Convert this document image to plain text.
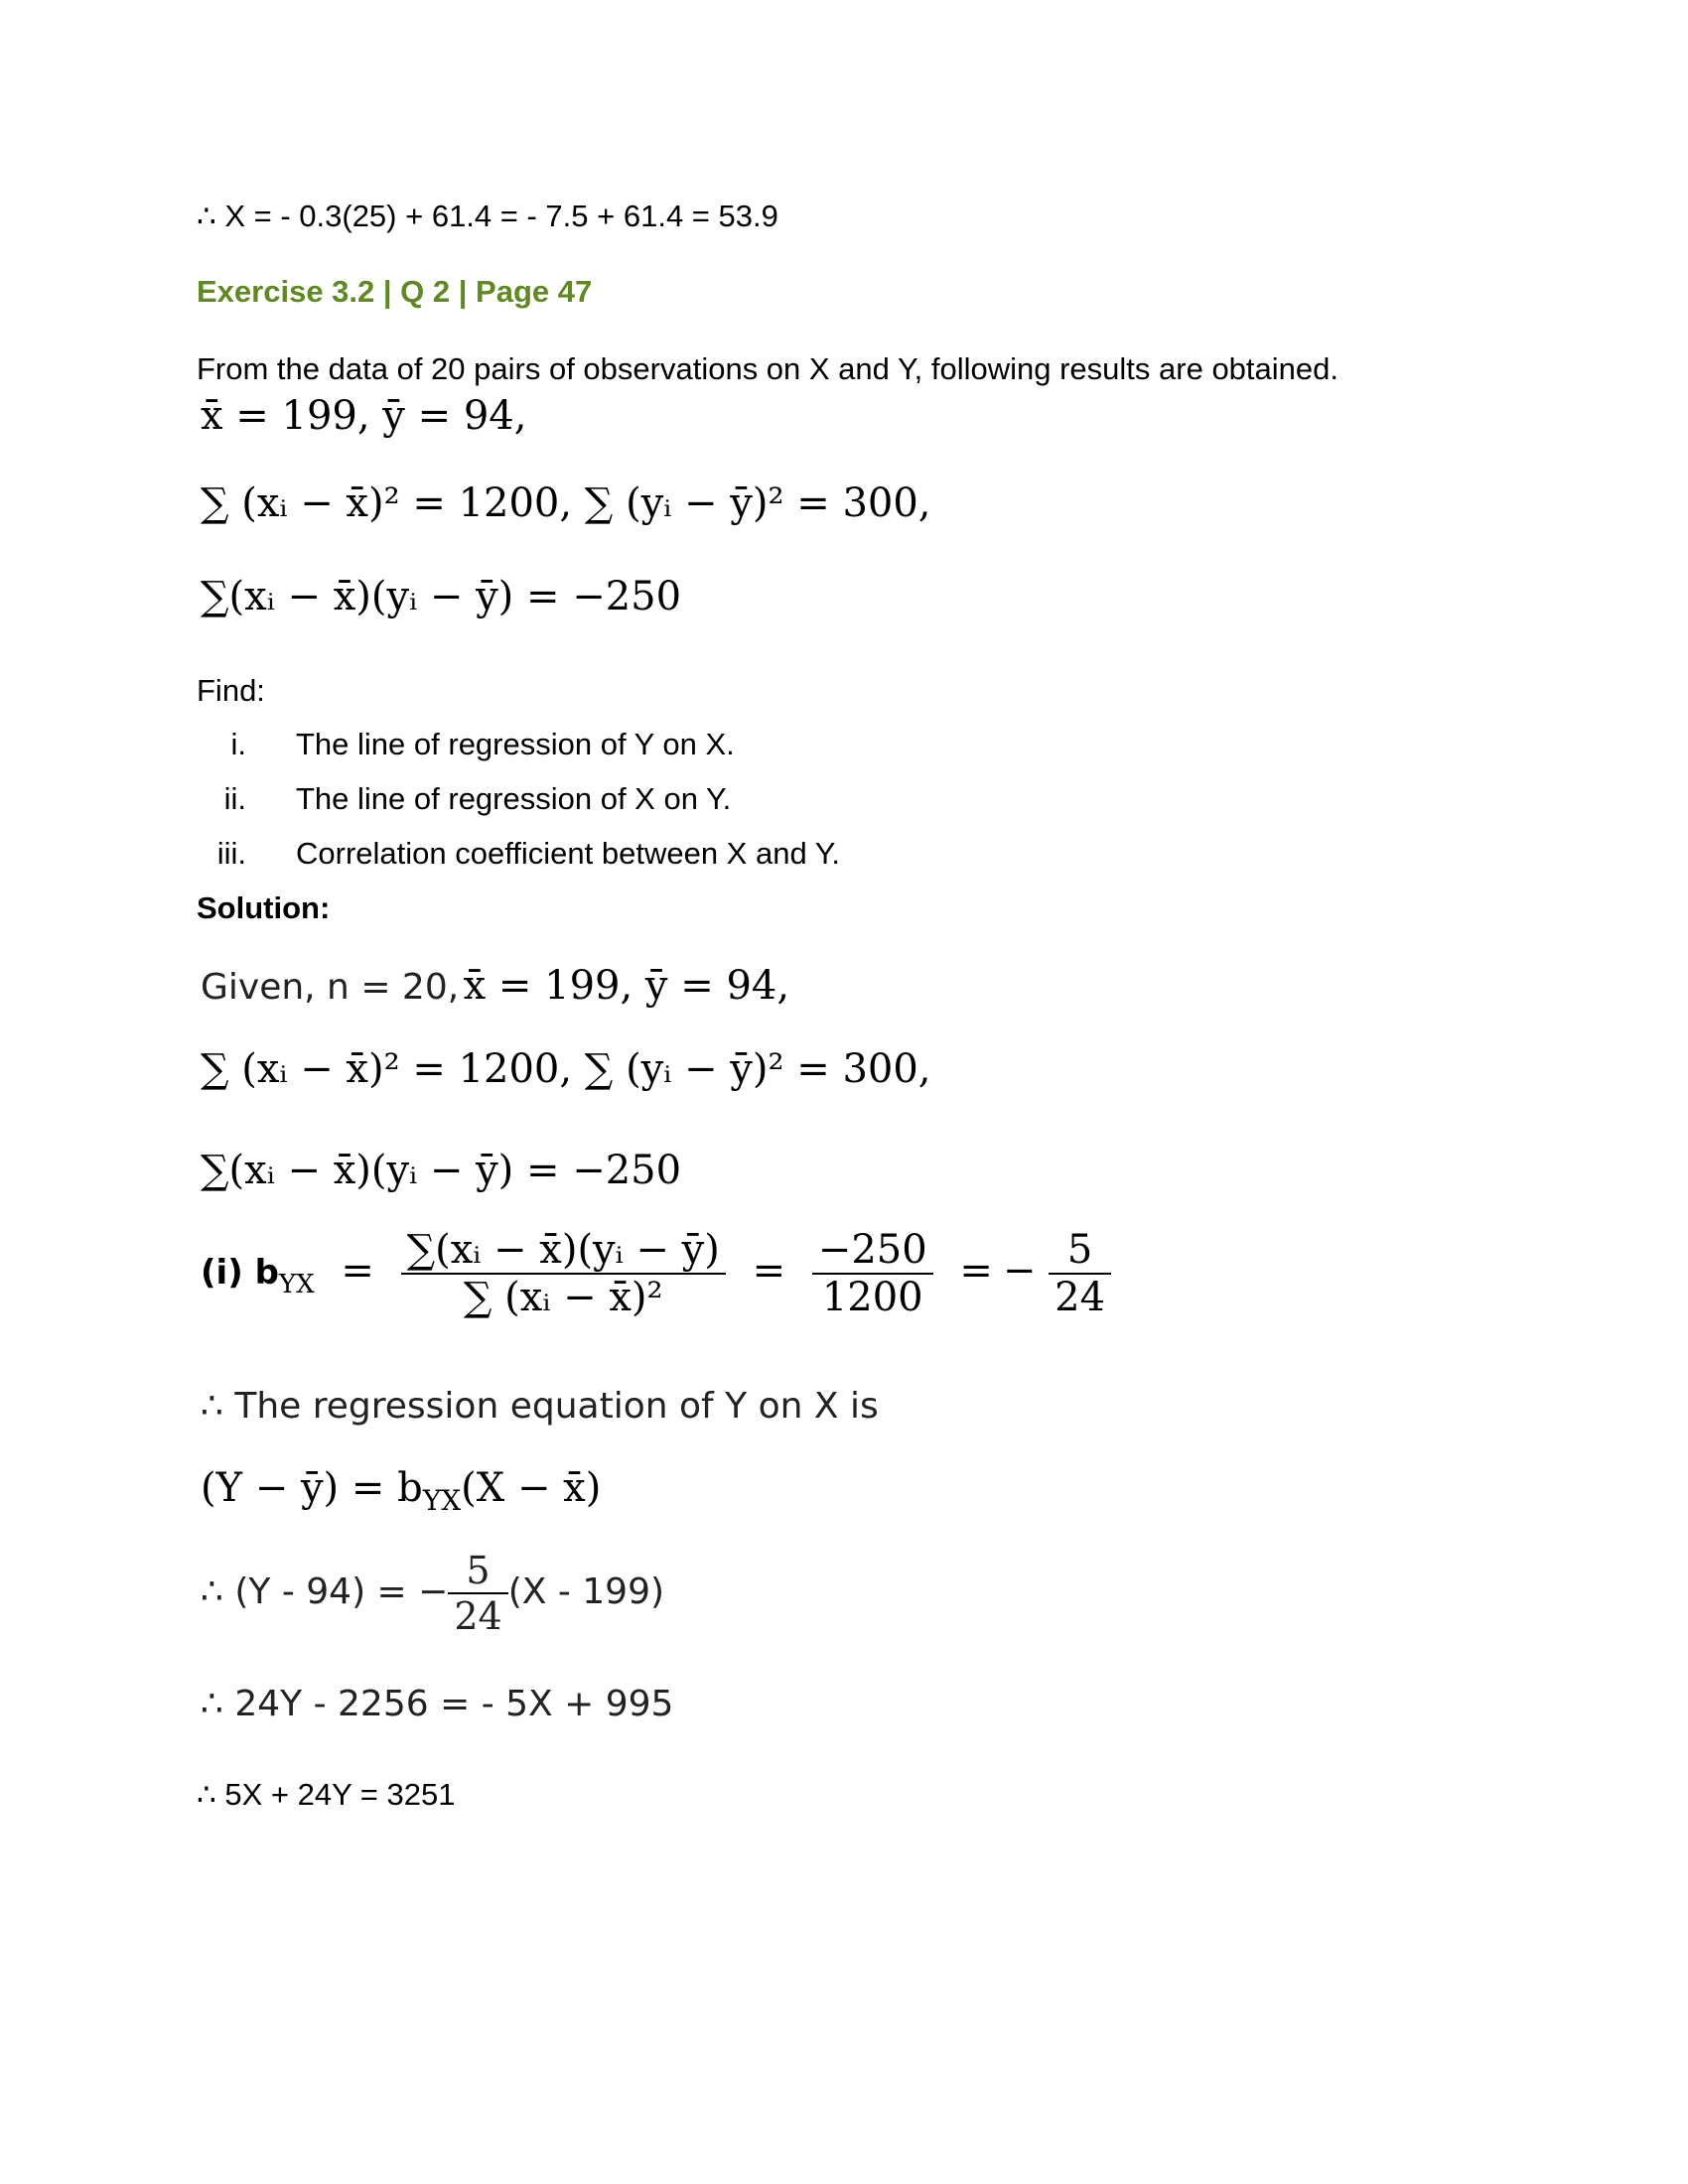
∴ X = - 0.3(25) + 61.4 = - 7.5 + 61.4 = 53.9
Exercise 3.2 | Q 2 | Page 47
From the data of 20 pairs of observations on X and Y, following results are obtained.
x̄ = 199, ȳ = 94,
∑ (xᵢ − x̄)² = 1200, ∑ (yᵢ − ȳ)² = 300,
∑(xᵢ − x̄)(yᵢ − ȳ) = −250
Find:
i. The line of regression of Y on X.
ii. The line of regression of X on Y.
iii. Correlation coefficient between X and Y.
Solution:
Given, n = 20, x̄ = 199, ȳ = 94,
∑ (xᵢ − x̄)² = 1200, ∑ (yᵢ − ȳ)² = 300,
∑(xᵢ − x̄)(yᵢ − ȳ) = −250
(i) $b_{YX} = \frac{\text{∑(xᵢ − x̄)(yᵢ − ȳ)}}{\text{∑ (xᵢ − x̄)²}} = \frac{-250}{1200}$ = − $\frac{5}{24}$
∴ The regression equation of Y on X is
(Y − ȳ) = $b_{YX}(X$ − x̄)
∴ (Y - 94) = − $\frac{5}{24} (X - 199)$
∴ 24Y - 2256 = - 5X + 995
∴ 5X + 24Y = 3251
